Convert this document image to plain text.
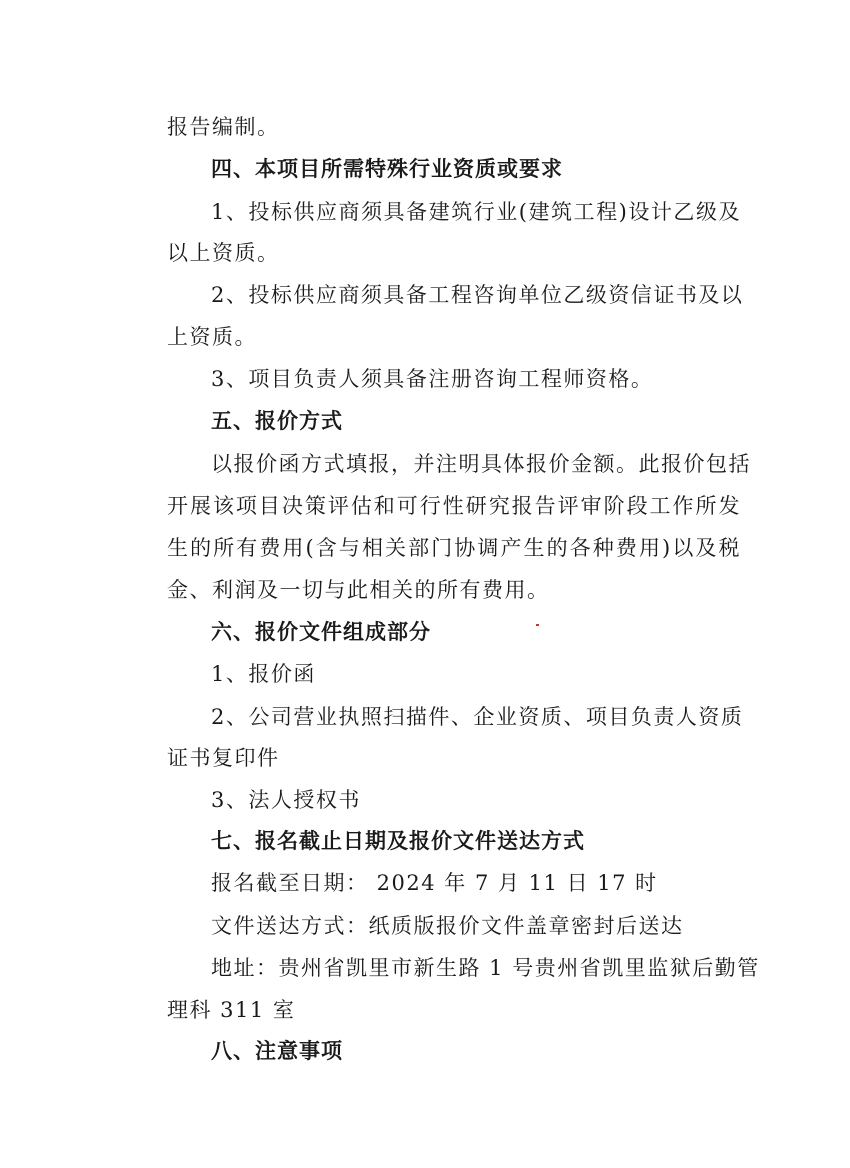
报告编制。
四、本项目所需特殊行业资质或要求
1、投标供应商须具备建筑行业(建筑工程)设计乙级及
以上资质。
2、投标供应商须具备工程咨询单位乙级资信证书及以
上资质。
3、项目负责人须具备注册咨询工程师资格。
五、报价方式
以报价函方式填报，并注明具体报价金额。此报价包括
开展该项目决策评估和可行性研究报告评审阶段工作所发
生的所有费用(含与相关部门协调产生的各种费用)以及税
金、利润及一切与此相关的所有费用。
六、报价文件组成部分
1、报价函
2、公司营业执照扫描件、企业资质、项目负责人资质
证书复印件
3、法人授权书
七、报名截止日期及报价文件送达方式
报名截至日期： 2024 年 7 月 11 日 17 时
文件送达方式：纸质版报价文件盖章密封后送达
地址：贵州省凯里市新生路 1 号贵州省凯里监狱后勤管
理科 311 室
八、注意事项
